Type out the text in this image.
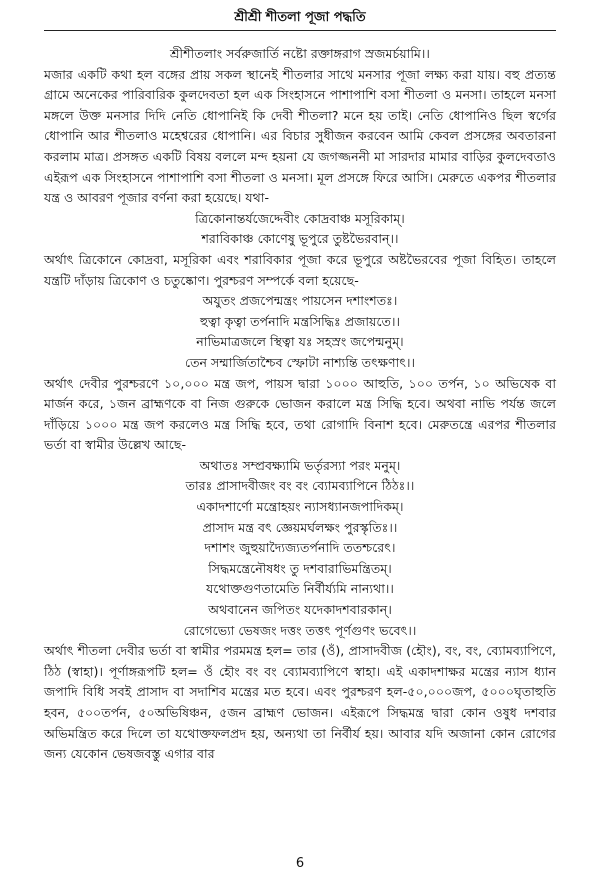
শ্রীশ্রী শীতলা পূজা পদ্ধতি

শ্রীশীতলাং সর্বরুজার্তি নষ্টো রক্তাঙ্গরাগ স্রজমর্চয়ামি।।

মজার একটি কথা হল বঙ্গের প্রায় সকল স্থানেই শীতলার সাথে মনসার পূজা লক্ষ্য করা যায়। বহু প্রত্যন্ত গ্রামে অনেকের পারিবারিক কুলদেবতা হল এক সিংহাসনে পাশাপাশি বসা শীতলা ও মনসা। তাহলে মনসা মঙ্গলে উক্ত মনসার দিদি নেতি ধোপানিই কি দেবী শীতলা? মনে হয় তাই। নেতি ধোপানিও ছিল স্বর্গের ধোপানি আর শীতলাও মহেশ্বরের ধোপানি। এর বিচার সুধীজন করবেন আমি কেবল প্রসঙ্গের অবতারনা করলাম মাত্র। প্রসঙ্গত একটি বিষয় বললে মন্দ হয়না যে জগজ্জননী মা সারদার মামার বাড়ির কুলদেবতাও এইরূপ এক সিংহাসনে পাশাপাশি বসা শীতলা ও মনসা। মূল প্রসঙ্গে ফিরে আসি। মেরুতে একপর শীতলার যন্ত্র ও আবরণ পূজার বর্ণনা করা হয়েছে। যথা-

ত্রিকোনান্তর্যজেদ্দেবীং কোদ্রবাঞ্চ মসূরিকাম্।

শরাবিকাঞ্চ কোণেষু ভূপুরে তুষ্টভৈরবান্।।

অর্থাৎ ত্রিকোনে কোদ্রবা, মসূরিকা এবং শরাবিকার পূজা করে ভূপুরে অষ্টভৈরবের পূজা বিহিত। তাহলে যন্ত্রটি দাঁড়ায় ত্রিকোণ ও চতুষ্কোণ। পুরশ্চরণ সম্পর্কে বলা হয়েছে-

অযুতং প্রজপেন্মন্ত্রং পায়সেন দশাংশতঃ।

হুত্বা কৃত্বা তর্পনাদি মন্ত্রসিদ্ধিঃ প্রজায়তে।।

নাভিমাত্রজলে স্থিত্বা যঃ সহস্রং জপেন্মনুম্।

তেন সম্মার্জিতাশ্চৈব স্ফোটা নাশ্যন্তি তৎক্ষণাৎ।।

অর্থাৎ দেবীর পুরশ্চরণে ১০,০০০ মন্ত্র জপ, পায়স দ্বারা ১০০০ আহুতি, ১০০ তর্পন, ১০ অভিষেক বা মার্জন করে, ১জন ব্রাহ্মণকে বা নিজ গুরুকে ভোজন করালে মন্ত্র সিদ্ধি হবে। অথবা নাভি পর্যন্ত জলে দাঁড়িয়ে ১০০০ মন্ত্র জপ করলেও মন্ত্র সিদ্ধি হবে, তথা রোগাদি বিনাশ হবে। মেরুতন্ত্রে এরপর শীতলার ভর্তা বা স্বামীর উল্লেখ আছে-

অথাতঃ সম্প্রবক্ষ্যামি ভর্তৃরস্যা পরং মনুম্।

তারঃ প্রাসাদবীজং বং বং ব্যোমব্যাপিনে ঠিঠঃ।।

একাদশার্ণো মন্ত্রোহয়ং ন্যাসধ্যানজপাদিকম্।

প্রাসাদ মন্ত্র বৎ জ্ঞেয়মর্ঘলক্ষং পুরস্কৃতিঃ।।

দশাশং জুহুয়াদ্যৈজ্যতর্পনাদি ততশ্চরেৎ।

সিদ্ধমন্ত্রেনৌষধং তু দশবারাভিমন্ত্রিতম্।

যথোক্তগুণতামেতি নির্বীর্য্যমি নান্যথা।।

অথবানেন জপিতং যদেকাদশবারকান্।

রোগেভ্যো ভেষজং দত্তং তত্তৎ পূর্ণগুণং ভবেৎ।।

অর্থাৎ শীতলা দেবীর ভর্তা বা স্বামীর পরমমন্ত্র হল= তার (ওঁ), প্রাসাদবীজ (হৌং), বং, বং, ব্যোমব্যাপিণে, ঠিঠ (স্বাহা)। পূর্ণাঙ্গরূপটি হল= ওঁ হৌং বং বং ব্যোমব্যাপিণে স্বাহা। এই একাদশাক্ষর মন্ত্রের ন্যাস ধ্যান জপাদি বিধি সবই প্রাসাদ বা সদাশিব মন্ত্রের মত হবে। এবং পুরশ্চরণ হল-৫০,০০০জপ, ৫০০০ঘৃতাহুতি হবন, ৫০০তর্পন, ৫০অভিষিঞ্চন, ৫জন ব্রাহ্মণ ভোজন। এইরূপে সিদ্ধমন্ত্র দ্বারা কোন ওষুধ দশবার অভিমন্ত্রিত করে দিলে তা যথোক্তফলপ্রদ হয়, অন্যথা তা নির্বীর্য হয়। আবার যদি অজানা কোন রোগের জন্য যেকোন ভেষজবস্তু এগার বার

6
